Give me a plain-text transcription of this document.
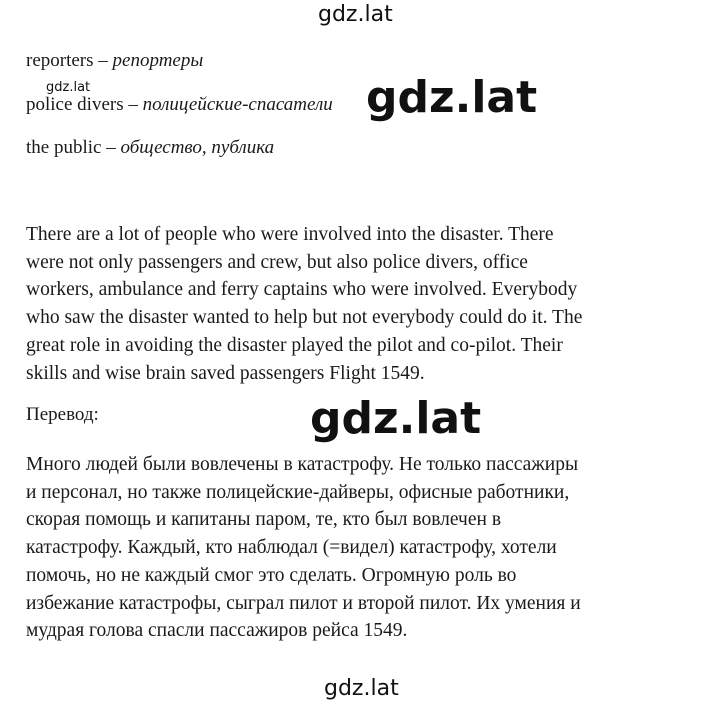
gdz.lat
reporters – репортеры
police divers – полицейские-спасатели
the public – общество, публика
gdz.lat	gdz.lat

There are a lot of people who were involved into the disaster. There
were not only passengers and crew, but also police divers, office
workers, ambulance and ferry captains who were involved. Everybody
who saw the disaster wanted to help but not everybody could do it. The
great role in avoiding the disaster played the pilot and co-pilot. Their
skills and wise brain saved passengers Flight 1549.

Перевод:	gdz.lat

Много людей были вовлечены в катастрофу. Не только пассажиры
и персонал, но также полицейские-дайверы, офисные работники,
скорая помощь и капитаны паром, те, кто был вовлечен в
катастрофу. Каждый, кто наблюдал (=видел) катастрофу, хотели
помочь, но не каждый смог это сделать. Огромную роль во
избежание катастрофы, сыграл пилот и второй пилот. Их умения и
мудрая голова спасли пассажиров рейса 1549.

gdz.lat
